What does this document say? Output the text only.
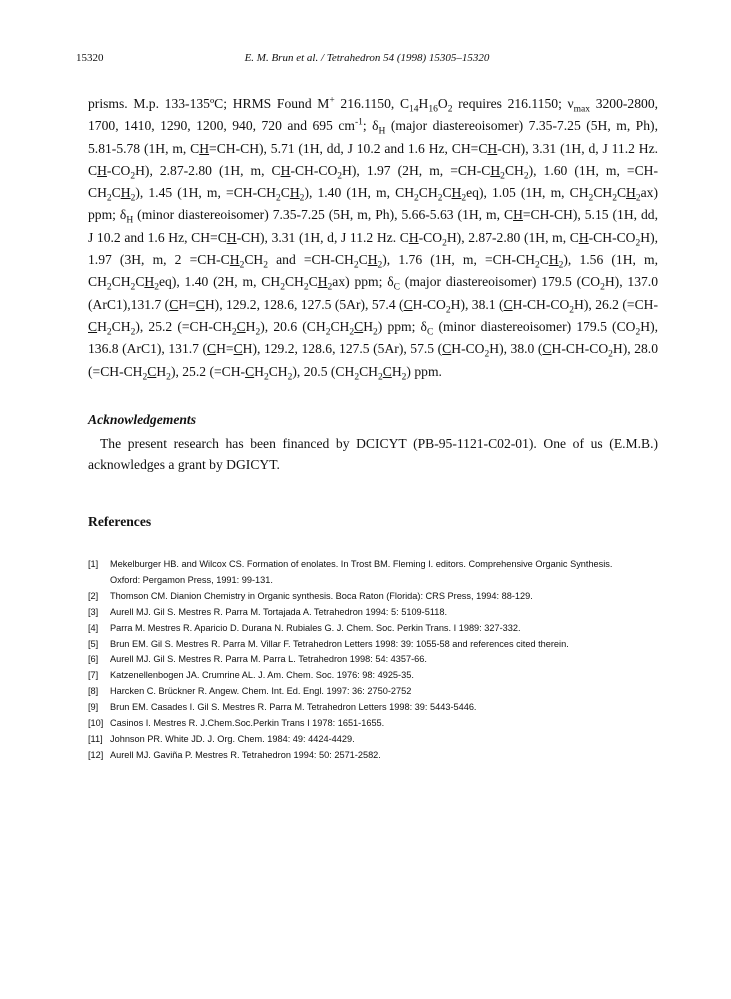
15320	E. M. Brun et al. / Tetrahedron 54 (1998) 15305–15320

prisms. M.p. 133-135ºC; HRMS Found M+ 216.1150, $C_{14}H_{16}O_2$ requires 216.1150; $\nu_{max}$ 3200-2800, 1700, 1410, 1290, 1200, 940, 720 and 695 $cm^{-1}$; $\delta_H$ (major diastereoisomer) 7.35-7.25 (5H, m, Ph), 5.81-5.78 (1H, m, CH=CH-CH), 5.71 (1H, dd, J 10.2 and 1.6 Hz, CH=CH-CH), 3.31 (1H, d, J 11.2 Hz. $CH-CO_2H$), 2.87-2.80 (1H, m, $CH-CH-CO_2H$), 1.97 (2H, m, $=CH-CH_2CH_2$), 1.60 (1H, m, $=CH-CH_2CH_2$), 1.45 (1H, m, $=CH-CH_2CH_2$), 1.40 (1H, m, $CH_2CH_2CH_2eq$), 1.05 (1H, m, $CH_2CH_2CH_2ax$) ppm; $\delta_H$ (minor diastereoisomer) 7.35-7.25 (5H, m, Ph), 5.66-5.63 (1H, m, CH=CH-CH), 5.15 (1H, dd, J 10.2 and 1.6 Hz, CH=CH-CH), 3.31 (1H, d, J 11.2 Hz. $CH-CO_2H$), 2.87-2.80 (1H, m, $CH-CH-CO_2H$), 1.97 (3H, m, $2 =CH-CH_2CH_2$ and $=CH-CH_2CH_2$), 1.76 (1H, m, $=CH-CH_2CH_2$), 1.56 (1H, m, $CH_2CH_2CH_2eq$), 1.40 (2H, m, $CH_2CH_2CH_2ax$) ppm; $\delta_C$ (major diastereoisomer) 179.5 $(CO_2H)$, 137.0 (ArC1),131.7 (CH=CH), 129.2, 128.6, 127.5 (5Ar), 57.4 $(CH-CO_2H)$, 38.1 $(CH-CH-CO_2H)$, 26.2 $(=CH-CH_2CH_2)$, 25.2 $(=CH-CH_2CH_2)$, 20.6 $(CH_2CH_2CH_2)$ ppm; $\delta_C$ (minor diastereoisomer) 179.5 $(CO_2H)$, 136.8 (ArC1), 131.7 (CH=CH), 129.2, 128.6, 127.5 (5Ar), 57.5 $(CH-CO_2H)$, 38.0 $(CH-CH-CO_2H)$, 28.0 $(=CH-CH_2CH_2)$, 25.2 $(=CH-CH_2CH_2)$, 20.5 $(CH_2CH_2CH_2)$ ppm.

Acknowledgements

The present research has been financed by DCICYT (PB-95-1121-C02-01). One of us (E.M.B.) acknowledges a grant by DGICYT.

References
[1] Mekelburger HB. and Wilcox CS. Formation of enolates. In Trost BM. Fleming I. editors. Comprehensive Organic Synthesis.
Oxford: Pergamon Press, 1991: 99-131.
[2] Thomson CM. Dianion Chemistry in Organic synthesis. Boca Raton (Florida): CRS Press, 1994: 88-129.
[3] Aurell MJ. Gil S. Mestres R. Parra M. Tortajada A. Tetrahedron 1994: 5: 5109-5118.
[4] Parra M. Mestres R. Aparicio D. Durana N. Rubiales G. J. Chem. Soc. Perkin Trans. I 1989: 327-332.
[5] Brun EM. Gil S. Mestres R. Parra M. Villar F. Tetrahedron Letters 1998: 39: 1055-58 and references cited therein.
[6] Aurell MJ. Gil S. Mestres R. Parra M. Parra L. Tetrahedron 1998: 54: 4357-66.
[7] Katzenellenbogen JA. Crumrine AL. J. Am. Chem. Soc. 1976: 98: 4925-35.
[8] Harcken C. Brückner R. Angew. Chem. Int. Ed. Engl. 1997: 36: 2750-2752
[9] Brun EM. Casades I. Gil S. Mestres R. Parra M. Tetrahedron Letters 1998: 39: 5443-5446.
[10] Casinos I. Mestres R. J.Chem.Soc.Perkin Trans I 1978: 1651-1655.
[11] Johnson PR. White JD. J. Org. Chem. 1984: 49: 4424-4429.
[12] Aurell MJ. Gaviña P. Mestres R. Tetrahedron 1994: 50: 2571-2582.
